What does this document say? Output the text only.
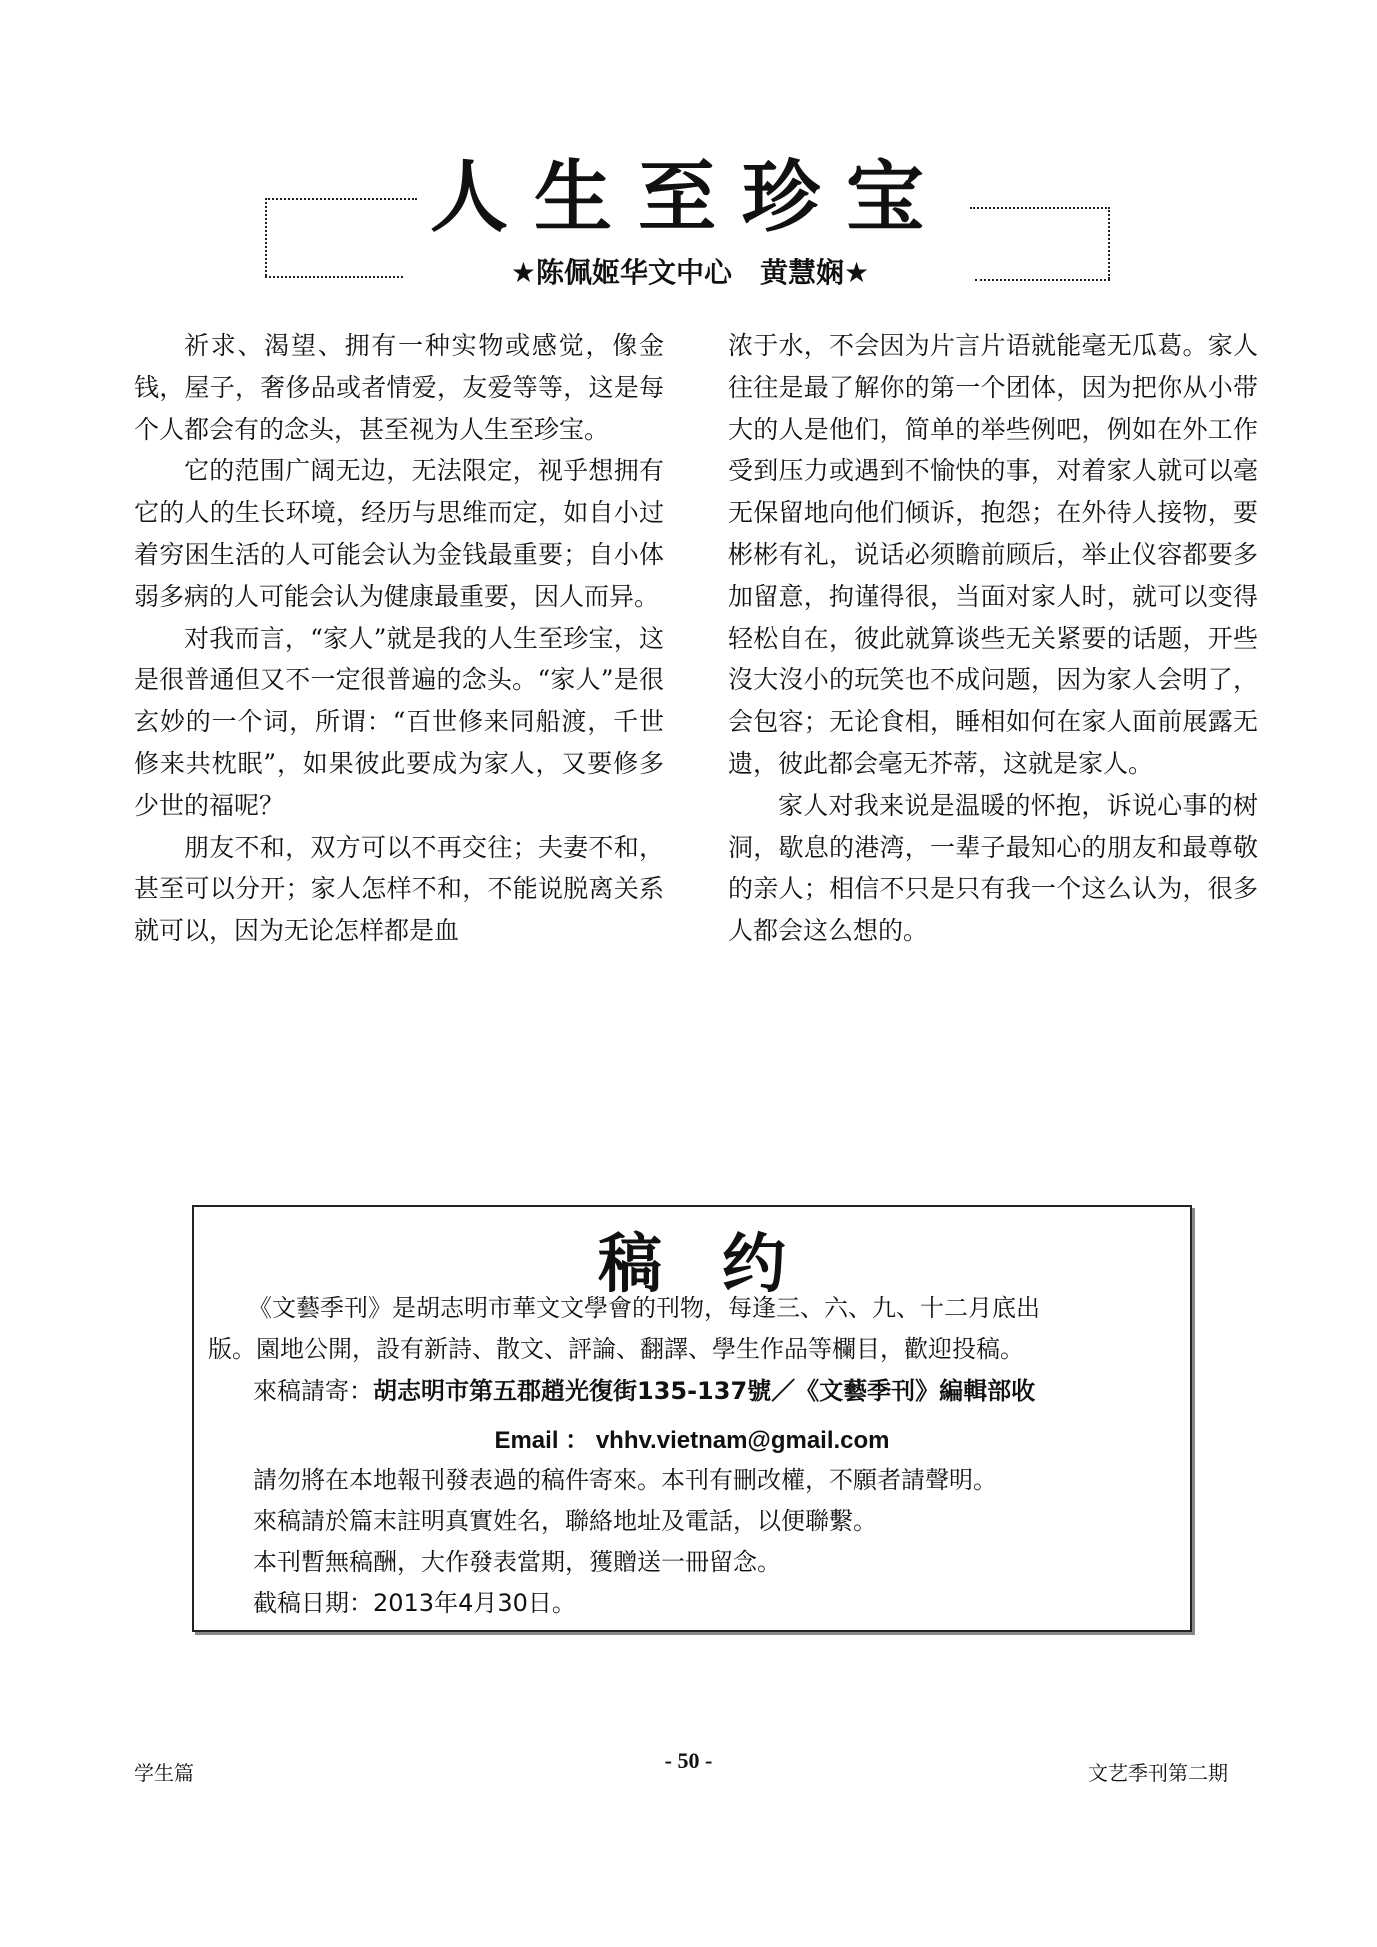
人生至珍宝
★陈佩姬华文中心　黄慧娴★

祈求、渴望、拥有一种实物或感觉，像金钱，屋子，奢侈品或者情爱，友爱等等，这是每个人都会有的念头，甚至视为人生至珍宝。

它的范围广阔无边，无法限定，视乎想拥有它的人的生长环境，经历与思维而定，如自小过着穷困生活的人可能会认为金钱最重要；自小体弱多病的人可能会认为健康最重要，因人而异。

对我而言，“家人”就是我的人生至珍宝，这是很普通但又不一定很普遍的念头。“家人”是很玄妙的一个词，所谓：“百世修来同船渡，千世修来共枕眠”，如果彼此要成为家人，又要修多少世的福呢？

朋友不和，双方可以不再交往；夫妻不和，甚至可以分开；家人怎样不和，不能说脱离关系就可以，因为无论怎样都是血

浓于水，不会因为片言片语就能毫无瓜葛。家人往往是最了解你的第一个团体，因为把你从小带大的人是他们，简单的举些例吧，例如在外工作受到压力或遇到不愉快的事，对着家人就可以毫无保留地向他们倾诉，抱怨；在外待人接物，要彬彬有礼，说话必须瞻前顾后，举止仪容都要多加留意，拘谨得很，当面对家人时，就可以变得轻松自在，彼此就算谈些无关紧要的话题，开些沒大沒小的玩笑也不成问题，因为家人会明了，会包容；无论食相，睡相如何在家人面前展露无遗，彼此都会毫无芥蒂，这就是家人。

家人对我来说是温暖的怀抱，诉说心事的树洞，歇息的港湾，一辈子最知心的朋友和最尊敬的亲人；相信不只是只有我一个这么认为，很多人都会这么想的。

稿约
《文藝季刊》是胡志明市華文文學會的刊物，每逢三、六、九、十二月底出
版。園地公開，設有新詩、散文、評論、翻譯、學生作品等欄目，歡迎投稿。
來稿請寄：胡志明市第五郡趙光復街135-137號／《文藝季刊》編輯部收
Email ： vhhv.vietnam@gmail.com
請勿將在本地報刊發表過的稿件寄來。本刊有刪改權，不願者請聲明。
來稿請於篇末註明真實姓名，聯絡地址及電話，以便聯繫。
本刊暫無稿酬，大作發表當期，獲贈送一冊留念。
截稿日期：2013年4月30日。
学生篇	- 50 -	文艺季刊第二期
